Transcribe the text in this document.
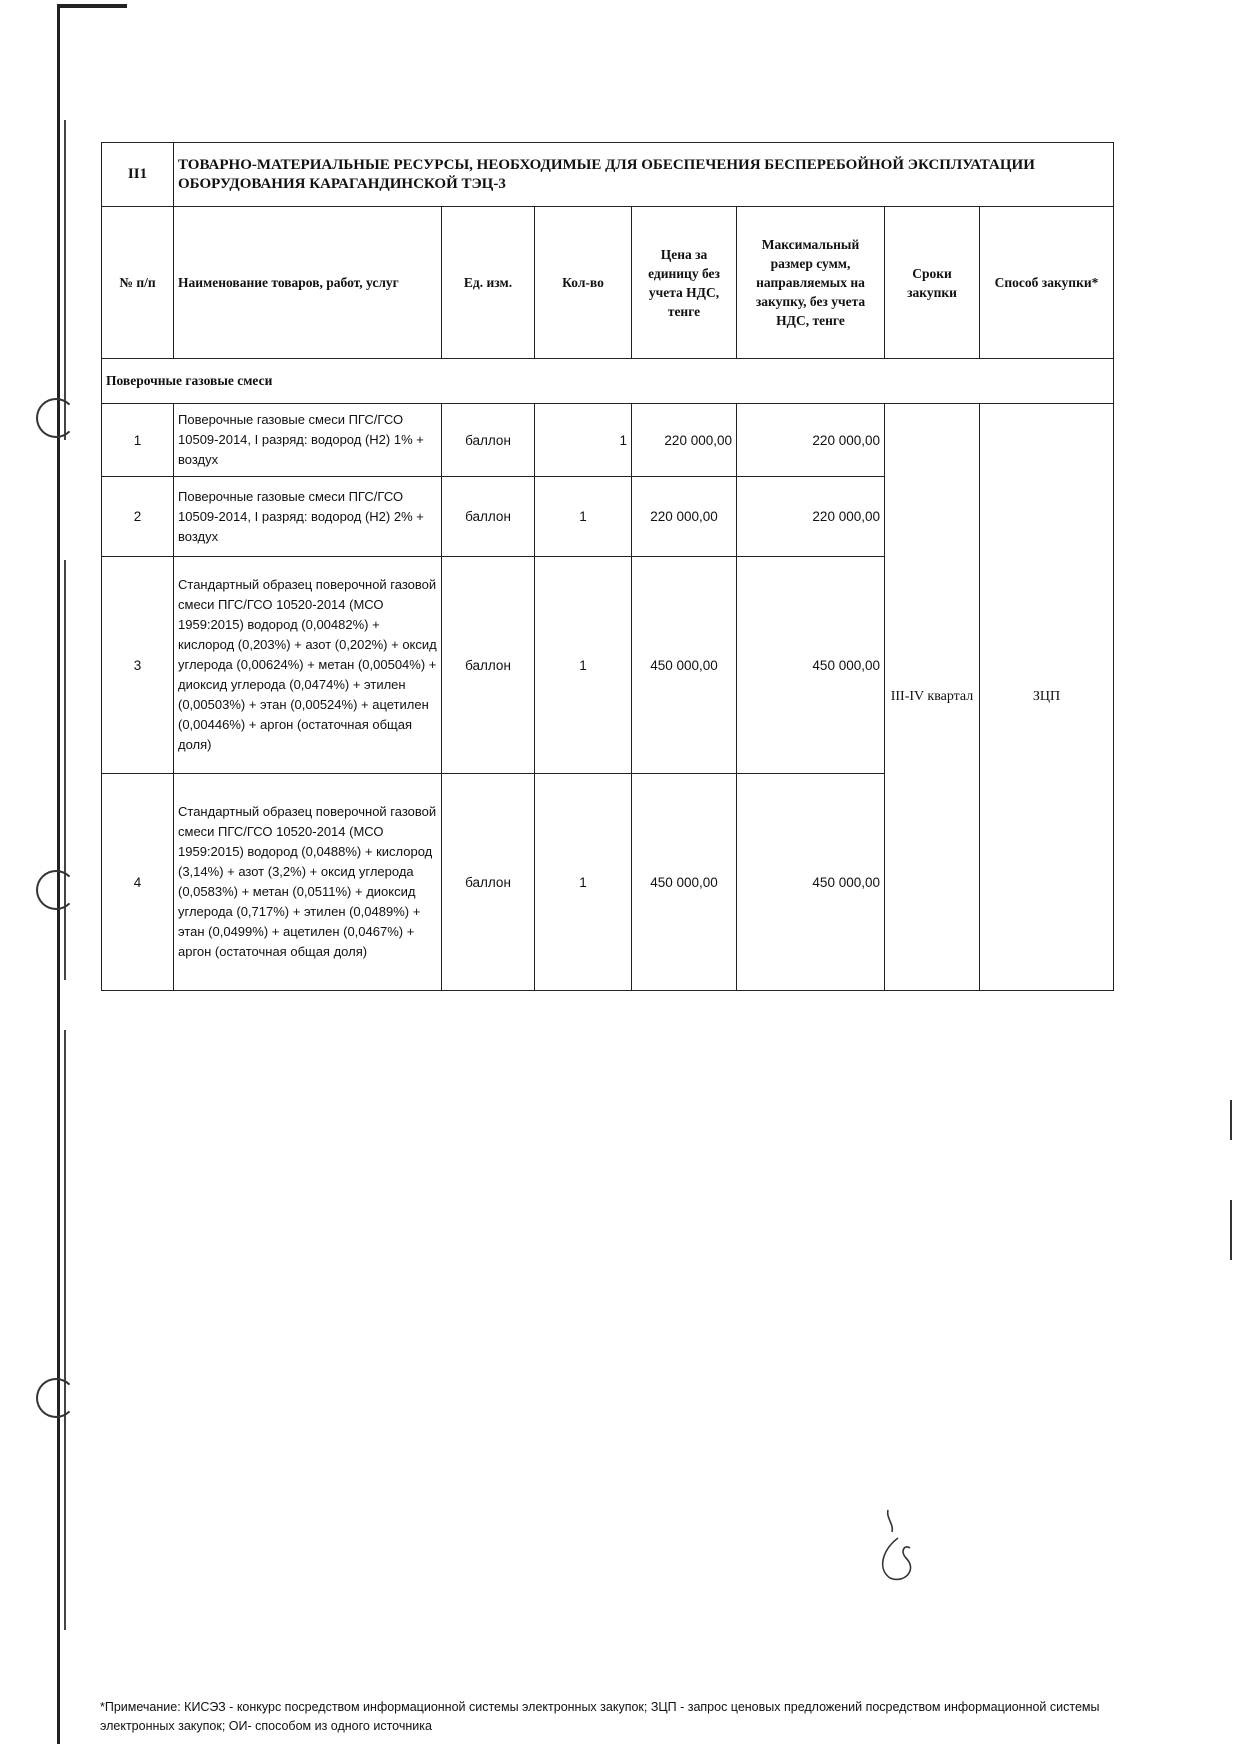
II1	ТОВАРНО-МАТЕРИАЛЬНЫЕ РЕСУРСЫ, НЕОБХОДИМЫЕ ДЛЯ ОБЕСПЕЧЕНИЯ БЕСПЕРЕБОЙНОЙ ЭКСПЛУАТАЦИИ ОБОРУДОВАНИЯ КАРАГАНДИНСКОЙ ТЭЦ-3						
№ п/п	Наименование товаров, работ, услуг	Ед. изм.	Кол-во	Цена за единицу без учета НДС, тенге	Максимальный размер сумм, направляемых на закупку, без учета НДС, тенге	Сроки закупки	Способ закупки*
Поверочные газовые смеси							
1	Поверочные газовые смеси ПГС/ГСО 10509-2014, I разряд: водород (Н2) 1% + воздух	баллон	1	220 000,00	220 000,00	III-IV квартал	ЗЦП
2	Поверочные газовые смеси ПГС/ГСО 10509-2014, I разряд: водород (Н2) 2% + воздух	баллон	1	220 000,00	220 000,00		
3	Стандартный образец поверочной газовой смеси ПГС/ГСО 10520-2014 (МСО 1959:2015) водород (0,00482%) + кислород (0,203%) + азот (0,202%) + оксид углерода (0,00624%) + метан (0,00504%) + диоксид углерода (0,0474%) + этилен (0,00503%) + этан (0,00524%) + ацетилен (0,00446%) + аргон (остаточная общая доля)	баллон	1	450 000,00	450 000,00		
4	Стандартный образец поверочной газовой смеси ПГС/ГСО 10520-2014 (МСО 1959:2015) водород (0,0488%) + кислород (3,14%) + азот (3,2%) + оксид углерода (0,0583%) + метан (0,0511%) + диоксид углерода (0,717%) + этилен (0,0489%) + этан (0,0499%) + ацетилен (0,0467%) + аргон (остаточная общая доля)	баллон	1	450 000,00	450 000,00		
*Примечание: КИСЭЗ - конкурс посредством информационной системы электронных закупок; ЗЦП - запрос ценовых предложений посредством информационной системы электронных закупок; ОИ- способом из одного источника
